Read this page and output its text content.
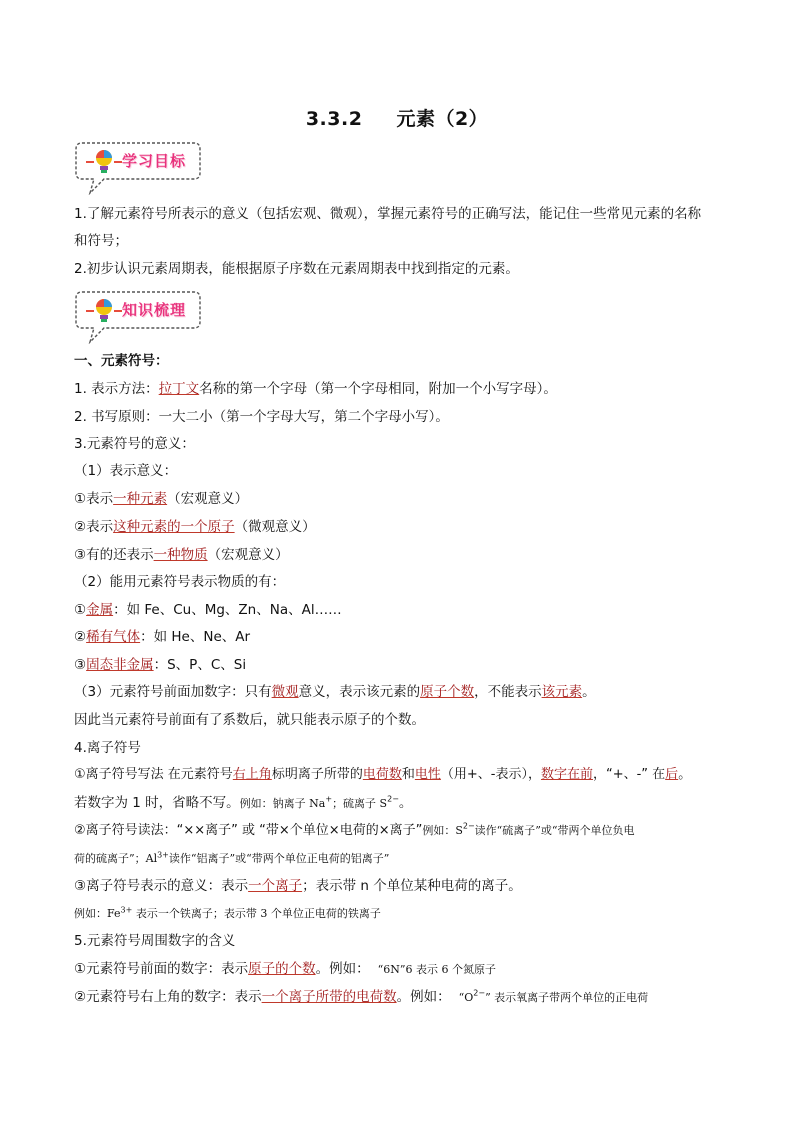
3.3.2 元素（2）
学习目标
1.了解元素符号所表示的意义（包括宏观、微观），掌握元素符号的正确写法，能记住一些常见元素的名称
和符号；
2.初步认识元素周期表，能根据原子序数在元素周期表中找到指定的元素。
知识梳理
一、元素符号：
1. 表示方法：拉丁文名称的第一个字母（第一个字母相同，附加一个小写字母）。
2. 书写原则：一大二小（第一个字母大写，第二个字母小写）。
3.元素符号的意义：
（1）表示意义：
①表示一种元素（宏观意义）
②表示这种元素的一个原子（微观意义）
③有的还表示一种物质（宏观意义）
（2）能用元素符号表示物质的有：
①金属：如 Fe、Cu、Mg、Zn、Na、Al……
②稀有气体：如 He、Ne、Ar
③固态非金属：S、P、C、Si
（3）元素符号前面加数字：只有微观意义，表示该元素的原子个数，不能表示该元素。
因此当元素符号前面有了系数后，就只能表示原子的个数。
4.离子符号
①离子符号写法 在元素符号右上角标明离子所带的电荷数和电性（用+、-表示），数字在前，“+、-” 在后。
若数字为 1 时，省略不写。例如：钠离子 Na+；硫离子 $S^{2-}$。
②离子符号读法：“××离子” 或 “带×个单位×电荷的×离子”例如：$S^{2-}$读作“硫离子”或“带两个单位负电
荷的硫离子”；$Al^{3+}$读作“铝离子”或“带两个单位正电荷的铝离子”
③离子符号表示的意义：表示一个离子；表示带 n 个单位某种电荷的离子。
例如：$Fe^{3+}$ 表示一个铁离子；表示带 3 个单位正电荷的铁离子
5.元素符号周围数字的含义
①元素符号前面的数字：表示原子的个数。例如： “6N”6 表示 6 个氮原子
②元素符号右上角的数字：表示一个离子所带的电荷数。例如： “$O^{2-}$” 表示氧离子带两个单位的正电荷
